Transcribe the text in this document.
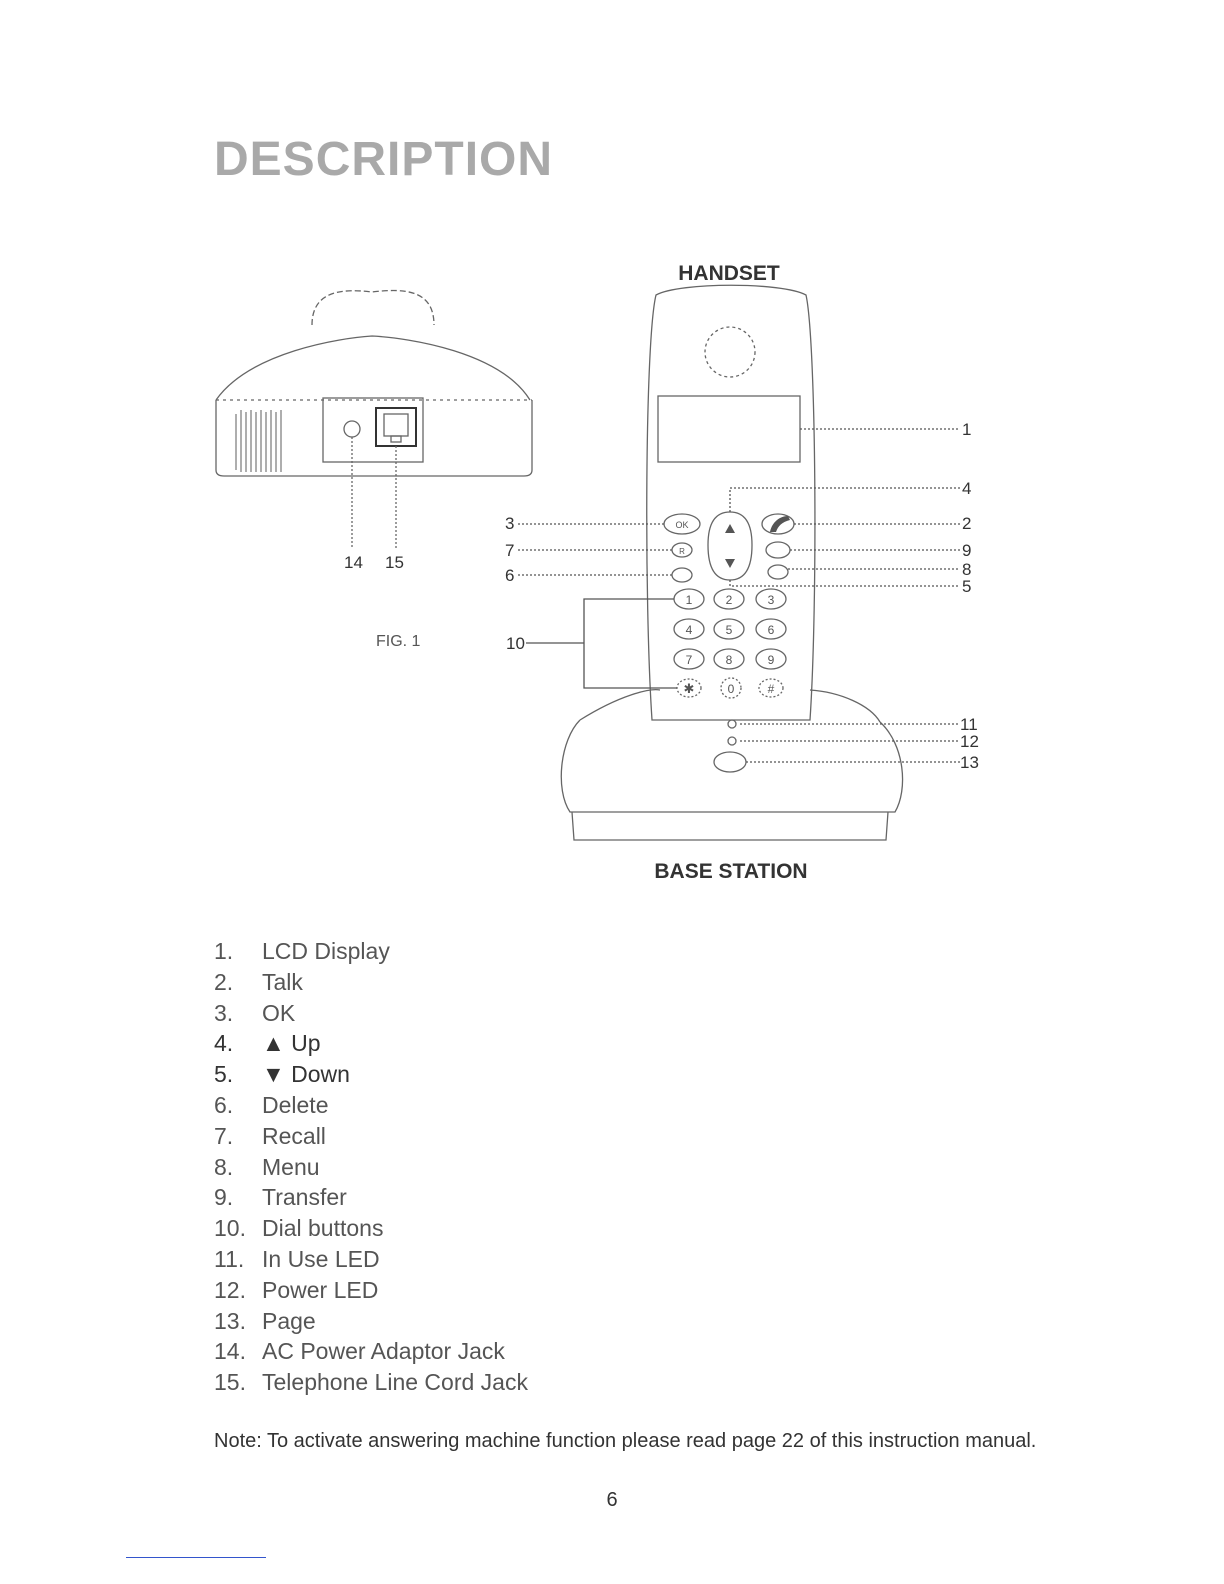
DESCRIPTION
OK
R
1	2	3
4	5	6
7	8	9
✱	0	#
HANDSET
BASE STATION
FIG. 1
1
2
3
4
5
6
7
8
9
10
11
12
13
14 15
1. LCD Display
2. Talk
3. OK
4. ▲ Up
5. ▼ Down
6. Delete
7. Recall
8. Menu
9. Transfer
10. Dial buttons
11. In Use LED
12. Power LED
13. Page
14. AC Power Adaptor Jack
15. Telephone Line Cord Jack
Note: To activate answering machine function please read page 22 of this instruction manual.
6
